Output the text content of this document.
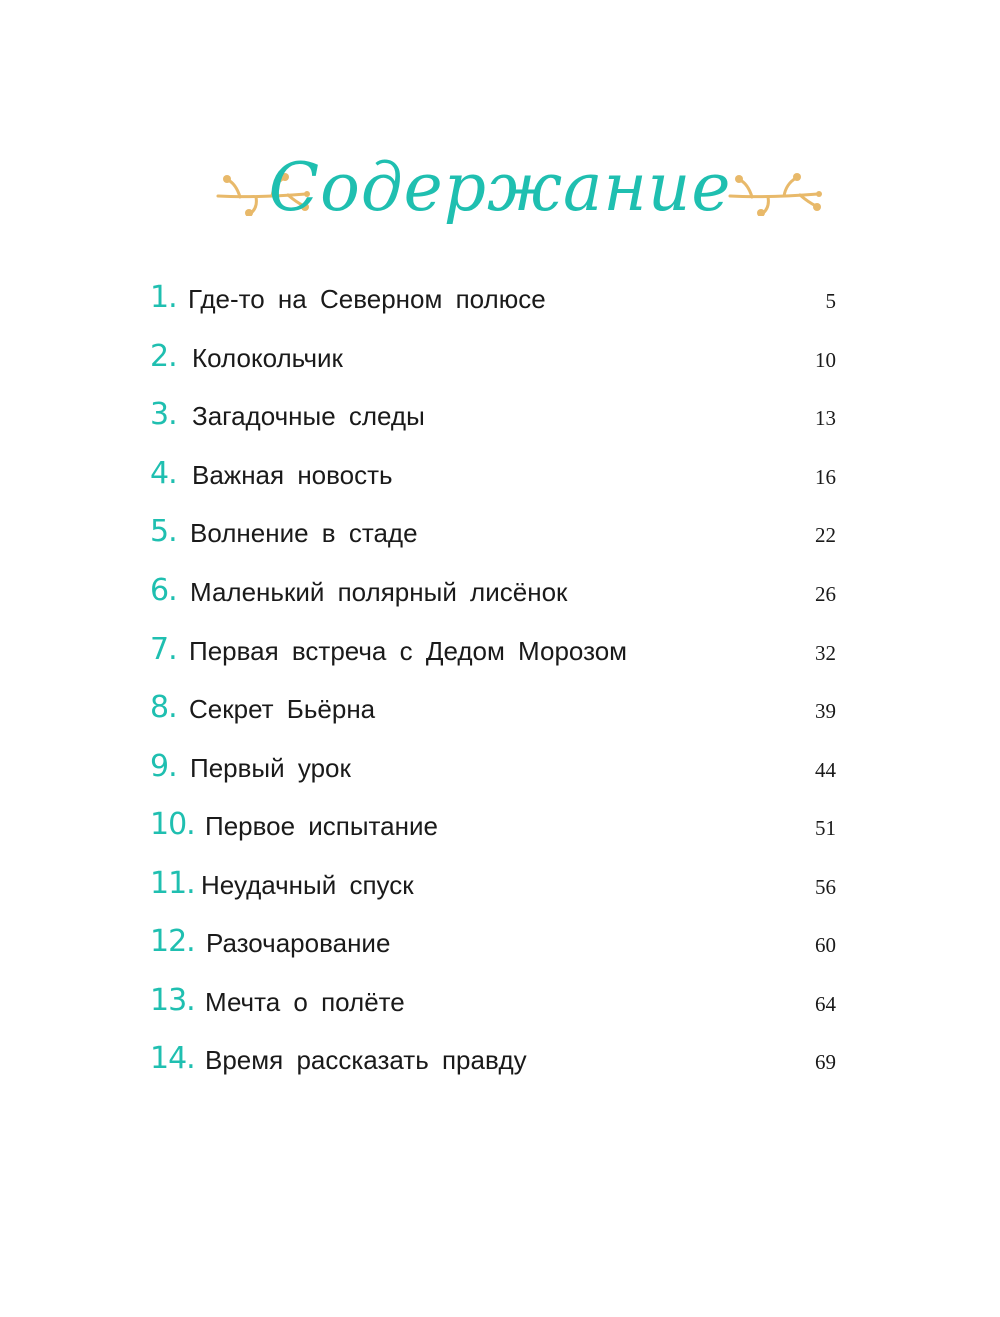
Содержание
1. Где-то на Северном полюсе	5
2. Колокольчик	10
3. Загадочные следы	13
4. Важная новость	16
5. Волнение в стаде	22
6. Маленький полярный лисёнок	26
7. Первая встреча с Дедом Морозом	32
8. Секрет Бьёрна	39
9. Первый урок	44
10. Первое испытание	51
11. Неудачный спуск	56
12. Разочарование	60
13. Мечта о полёте	64
14. Время рассказать правду	69
